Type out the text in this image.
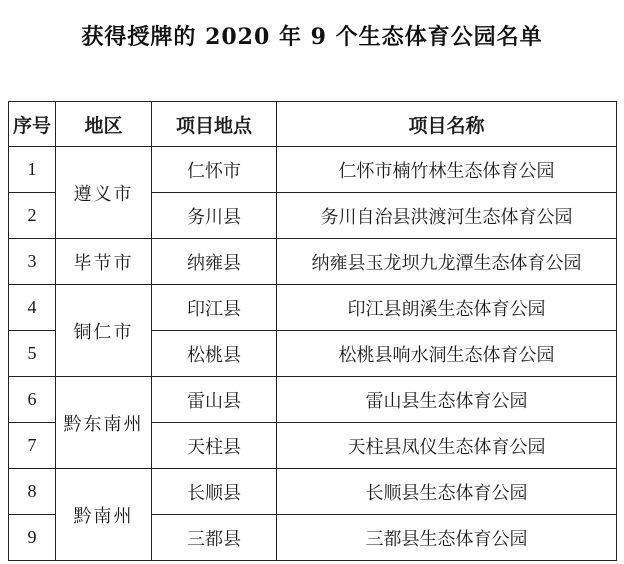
获得授牌的 2020 年 9 个生态体育公园名单
序号	地区	项目地点	项目名称
1	遵义市	仁怀市	仁怀市楠竹林生态体育公园
2		务川县	务川自治县洪渡河生态体育公园
3	毕节市	纳雍县	纳雍县玉龙坝九龙潭生态体育公园
4	铜仁市	印江县	印江县朗溪生态体育公园
5		松桃县	松桃县响水洞生态体育公园
6	黔东南州	雷山县	雷山县生态体育公园
7		天柱县	天柱县凤仪生态体育公园
8	黔南州	长顺县	长顺县生态体育公园
9		三都县	三都县生态体育公园
